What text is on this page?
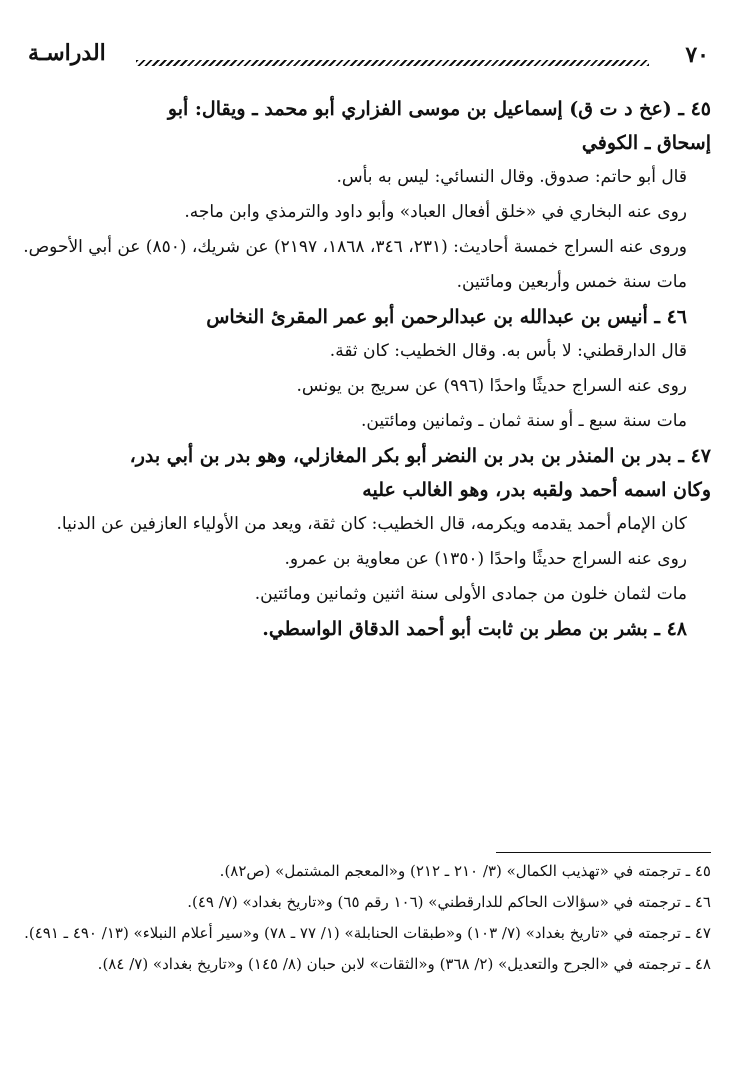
٧٠
الدراسـة

٤٥ ـ (عخ د ت ق) إسماعيل بن موسى الفزاري أبو محمد ـ ويقال: أبو
إسحاق ـ الكوفي

قال أبو حاتم: صدوق. وقال النسائي: ليس به بأس.

روى عنه البخاري في «خلق أفعال العباد» وأبو داود والترمذي وابن ماجه.

وروى عنه السراج خمسة أحاديث: (٢٣١، ٣٤٦، ١٨٦٨، ٢١٩٧) عن شريك، (٨٥٠) عن أبي الأحوص.

مات سنة خمس وأربعين ومائتين.

٤٦ ـ أنيس بن عبدالله بن عبدالرحمن أبو عمر المقرئ النخاس

قال الدارقطني: لا بأس به. وقال الخطيب: كان ثقة.

روى عنه السراج حديثًا واحدًا (٩٩٦) عن سريج بن يونس.

مات سنة سبع ـ أو سنة ثمان ـ وثمانين ومائتين.

٤٧ ـ بدر بن المنذر بن بدر بن النضر أبو بكر المغازلي، وهو بدر بن أبي بدر،
وكان اسمه أحمد ولقبه بدر، وهو الغالب عليه

كان الإمام أحمد يقدمه ويكرمه، قال الخطيب: كان ثقة، ويعد من الأولياء العازفين عن الدنيا.

روى عنه السراج حديثًا واحدًا (١٣٥٠) عن معاوية بن عمرو.

مات لثمان خلون من جمادى الأولى سنة اثنين وثمانين ومائتين.

٤٨ ـ بشر بن مطر بن ثابت أبو أحمد الدقاق الواسطي.

٤٥ ـ ترجمته في «تهذيب الكمال» (٣/ ٢١٠ ـ ٢١٢) و«المعجم المشتمل» (ص٨٢).

٤٦ ـ ترجمته في «سؤالات الحاكم للدارقطني» (١٠٦ رقم ٦٥) و«تاريخ بغداد» (٧/ ٤٩).

٤٧ ـ ترجمته في «تاريخ بغداد» (٧/ ١٠٣) و«طبقات الحنابلة» (١/ ٧٧ ـ ٧٨) و«سير أعلام النبلاء» (١٣/ ٤٩٠ ـ ٤٩١).

٤٨ ـ ترجمته في «الجرح والتعديل» (٢/ ٣٦٨) و«الثقات» لابن حبان (٨/ ١٤٥) و«تاريخ بغداد» (٧/ ٨٤).
